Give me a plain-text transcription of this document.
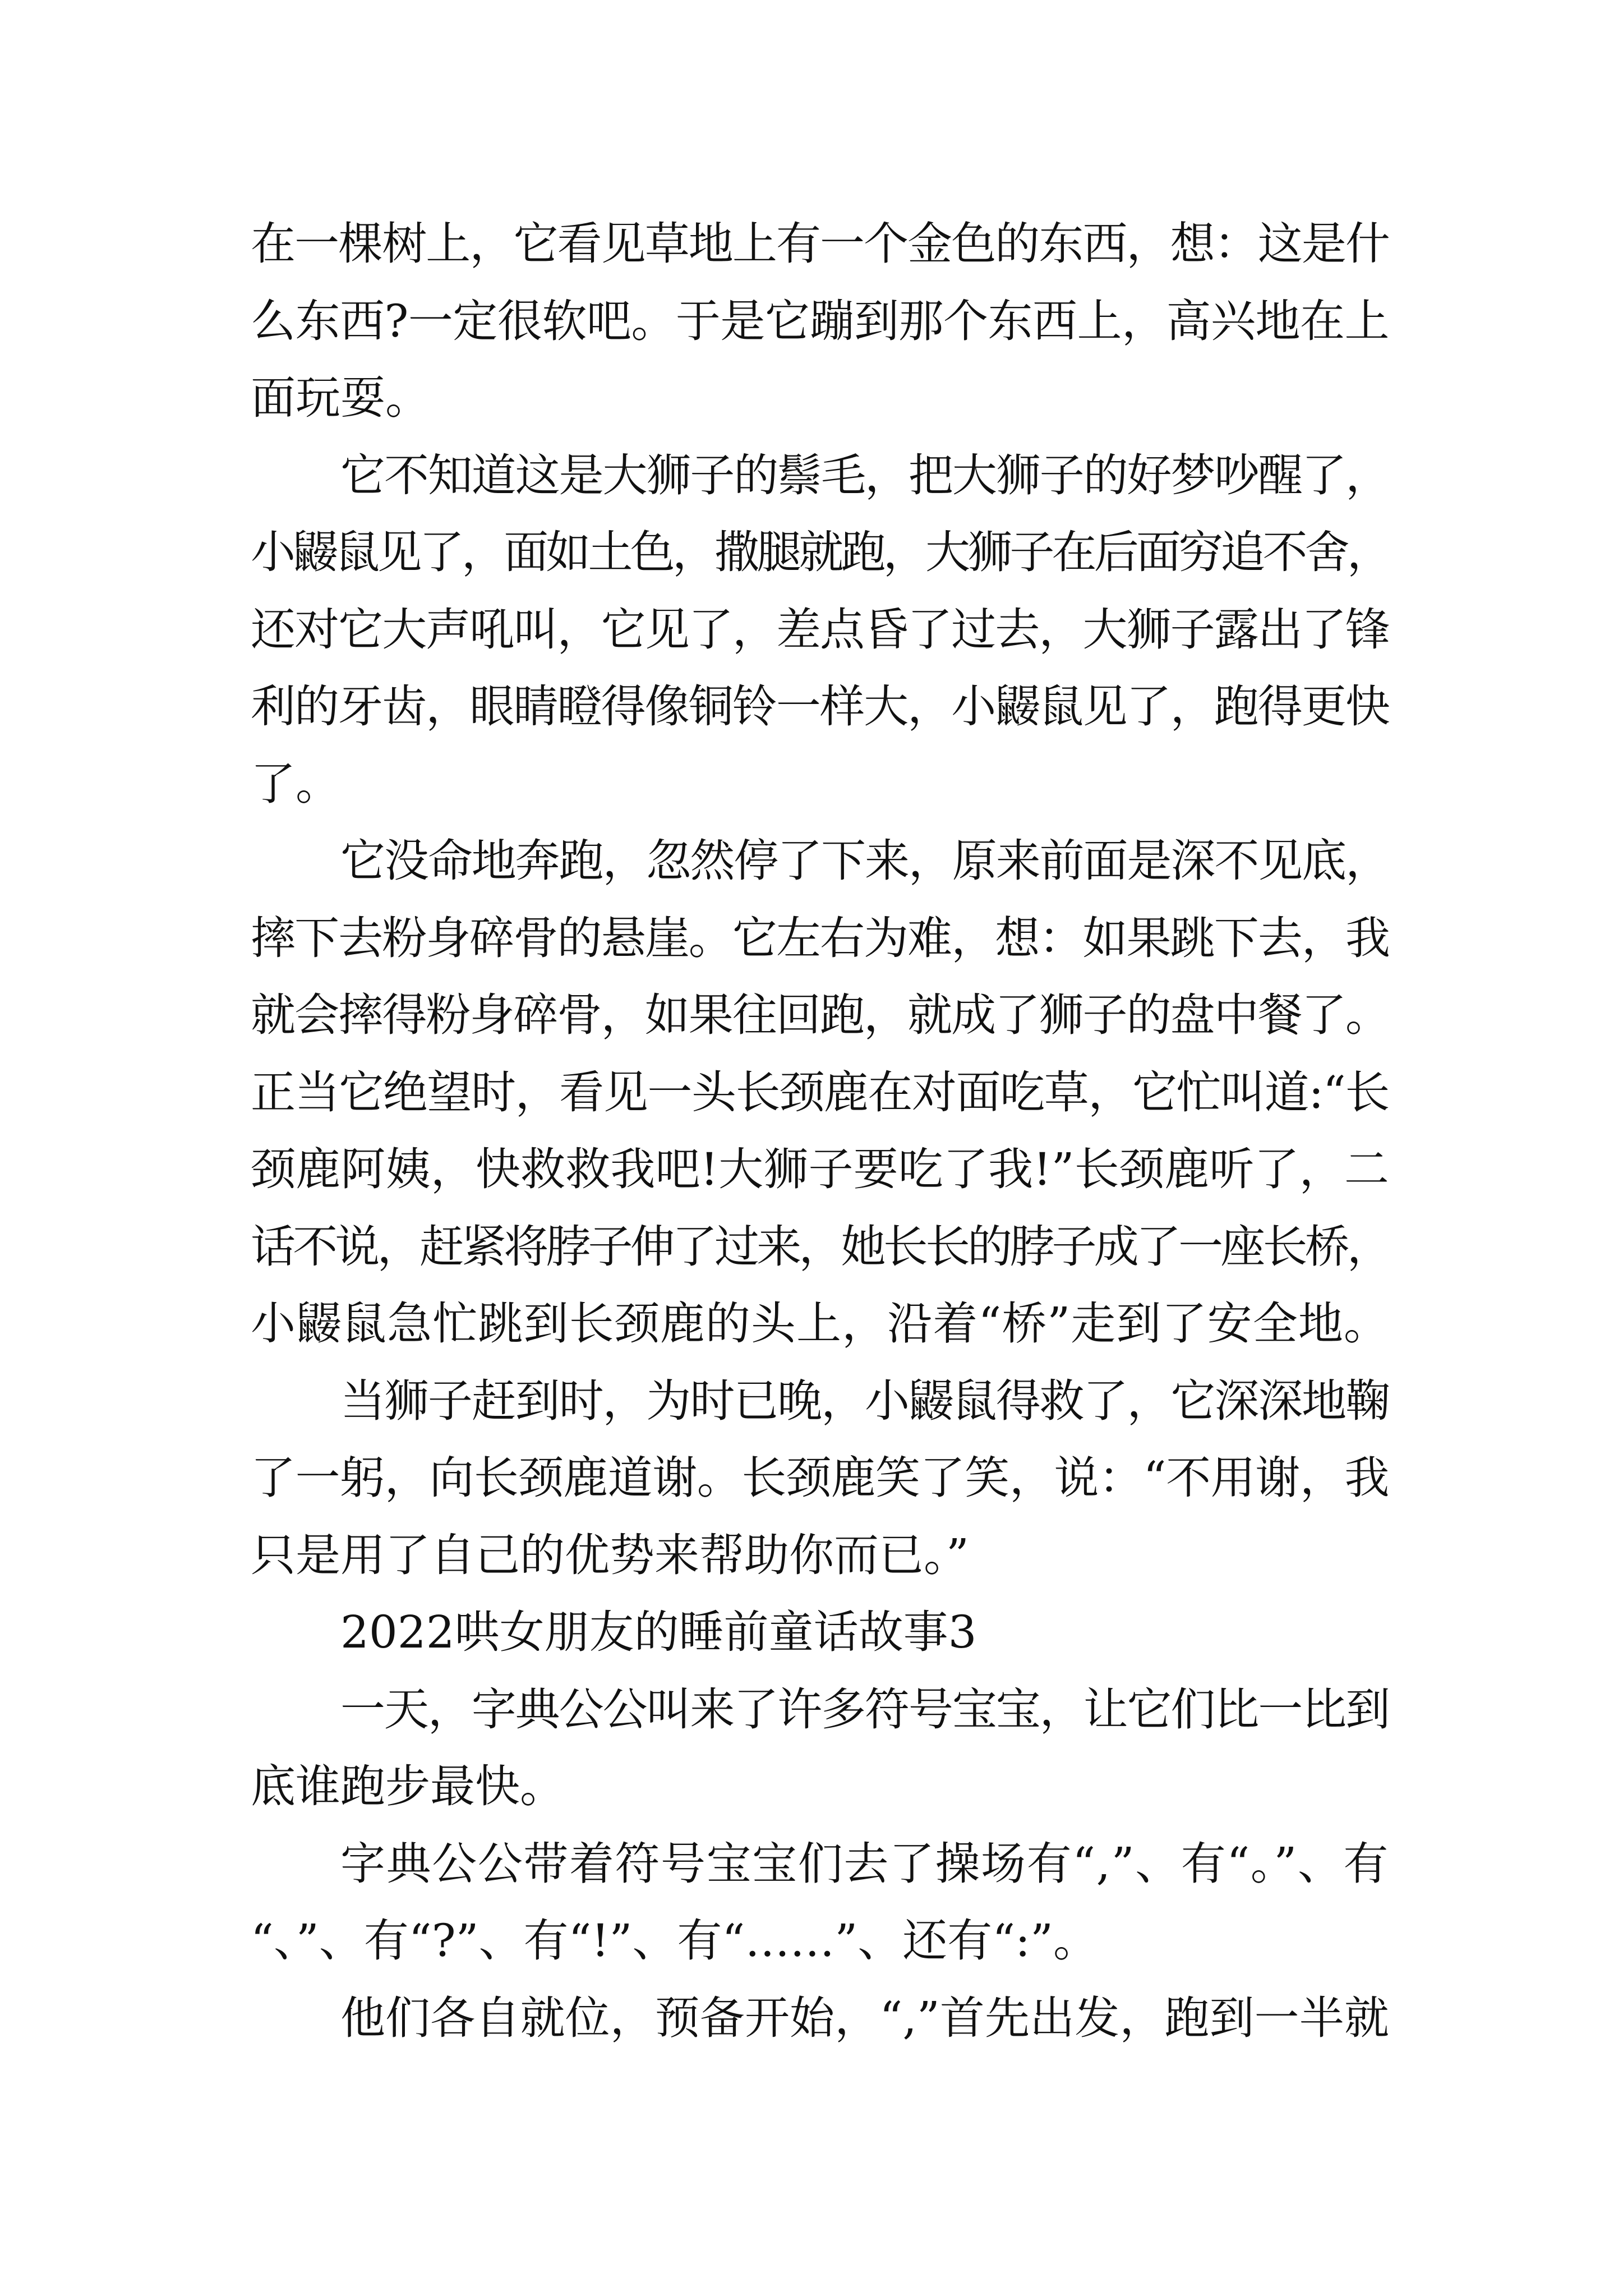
在一棵树上，它看见草地上有一个金色的东西，想：这是什
么东西?一定很软吧。于是它蹦到那个东西上，高兴地在上
面玩耍。
它不知道这是大狮子的鬃毛，把大狮子的好梦吵醒了，
小鼹鼠见了，面如土色，撒腿就跑，大狮子在后面穷追不舍，
还对它大声吼叫，它见了，差点昏了过去，大狮子露出了锋
利的牙齿，眼睛瞪得像铜铃一样大，小鼹鼠见了，跑得更快
了。
它没命地奔跑，忽然停了下来，原来前面是深不见底，
摔下去粉身碎骨的悬崖。它左右为难，想：如果跳下去，我
就会摔得粉身碎骨，如果往回跑，就成了狮子的盘中餐了。
正当它绝望时，看见一头长颈鹿在对面吃草，它忙叫道:“长
颈鹿阿姨，快救救我吧!大狮子要吃了我!”长颈鹿听了，二
话不说，赶紧将脖子伸了过来，她长长的脖子成了一座长桥，
小鼹鼠急忙跳到长颈鹿的头上，沿着“桥”走到了安全地。
当狮子赶到时，为时已晚，小鼹鼠得救了，它深深地鞠
了一躬，向长颈鹿道谢。长颈鹿笑了笑，说：“不用谢，我
只是用了自己的优势来帮助你而已。”
2022哄女朋友的睡前童话故事3
一天，字典公公叫来了许多符号宝宝，让它们比一比到
底谁跑步最快。
字典公公带着符号宝宝们去了操场有“,”、有“。”、有
“、”、有“?”、有“!”、有“……”、还有“:”。
他们各自就位，预备开始，“,”首先出发，跑到一半就
